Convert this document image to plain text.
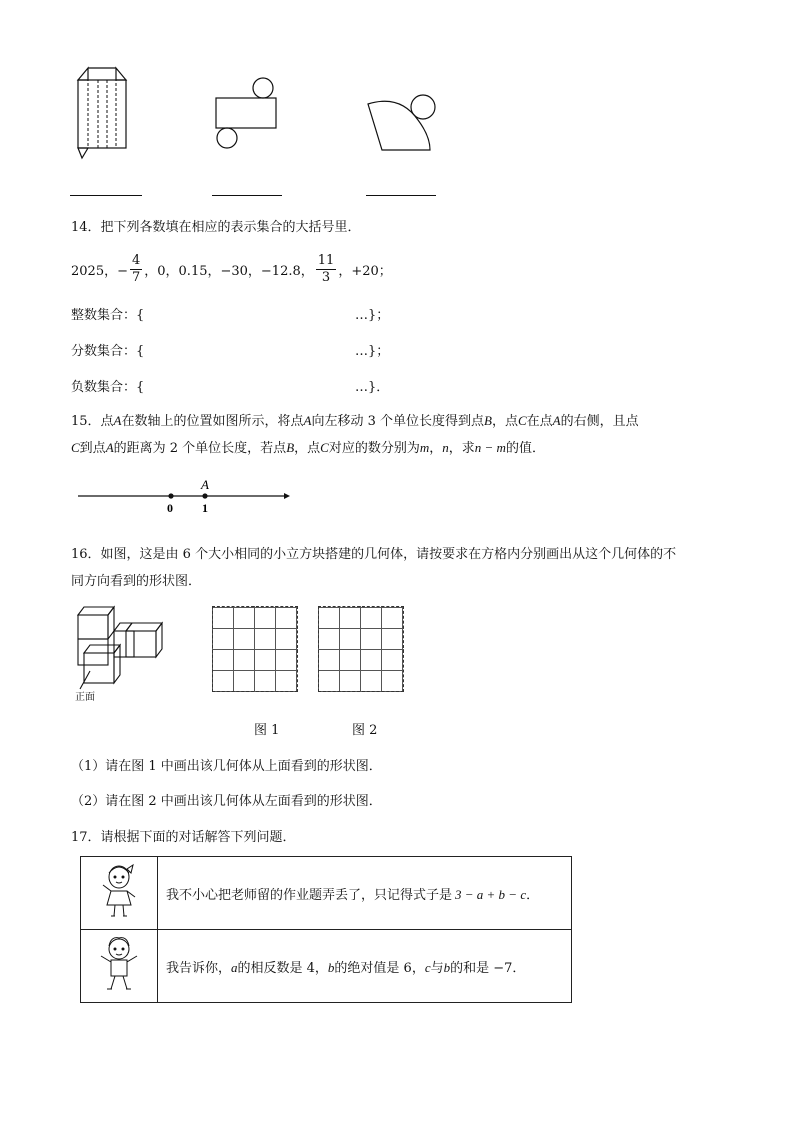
14．把下列各数填在相应的表示集合的大括号里．
2025，− $\frac{4}{7}$ ，0，0.15，−30，−12.8， $\frac{11}{3}$ ，+20；
整数集合：{	…}；
分数集合：{	…}；
负数集合：{	…}．
15．点A在数轴上的位置如图所示，将点A向左移动 3 个单位长度得到点B，点C在点A的右侧，且点
C到点A的距离为 2 个单位长度，若点B，点C对应的数分别为m，n，求n − m的值．
0 1
A
16．如图，这是由 6 个大小相同的小立方块搭建的几何体，请按要求在方格内分别画出从这个几何体的不
同方向看到的形状图．
正面
图 1	图 2
（1）请在图 1 中画出该几何体从上面看到的形状图．
（2）请在图 2 中画出该几何体从左面看到的形状图．
17．请根据下面的对话解答下列问题．
	我不小心把老师留的作业题弄丢了，只记得式子是 3 − a + b − c．
	我告诉你，a的相反数是 4，b的绝对值是 6，c与b的和是 −7．
